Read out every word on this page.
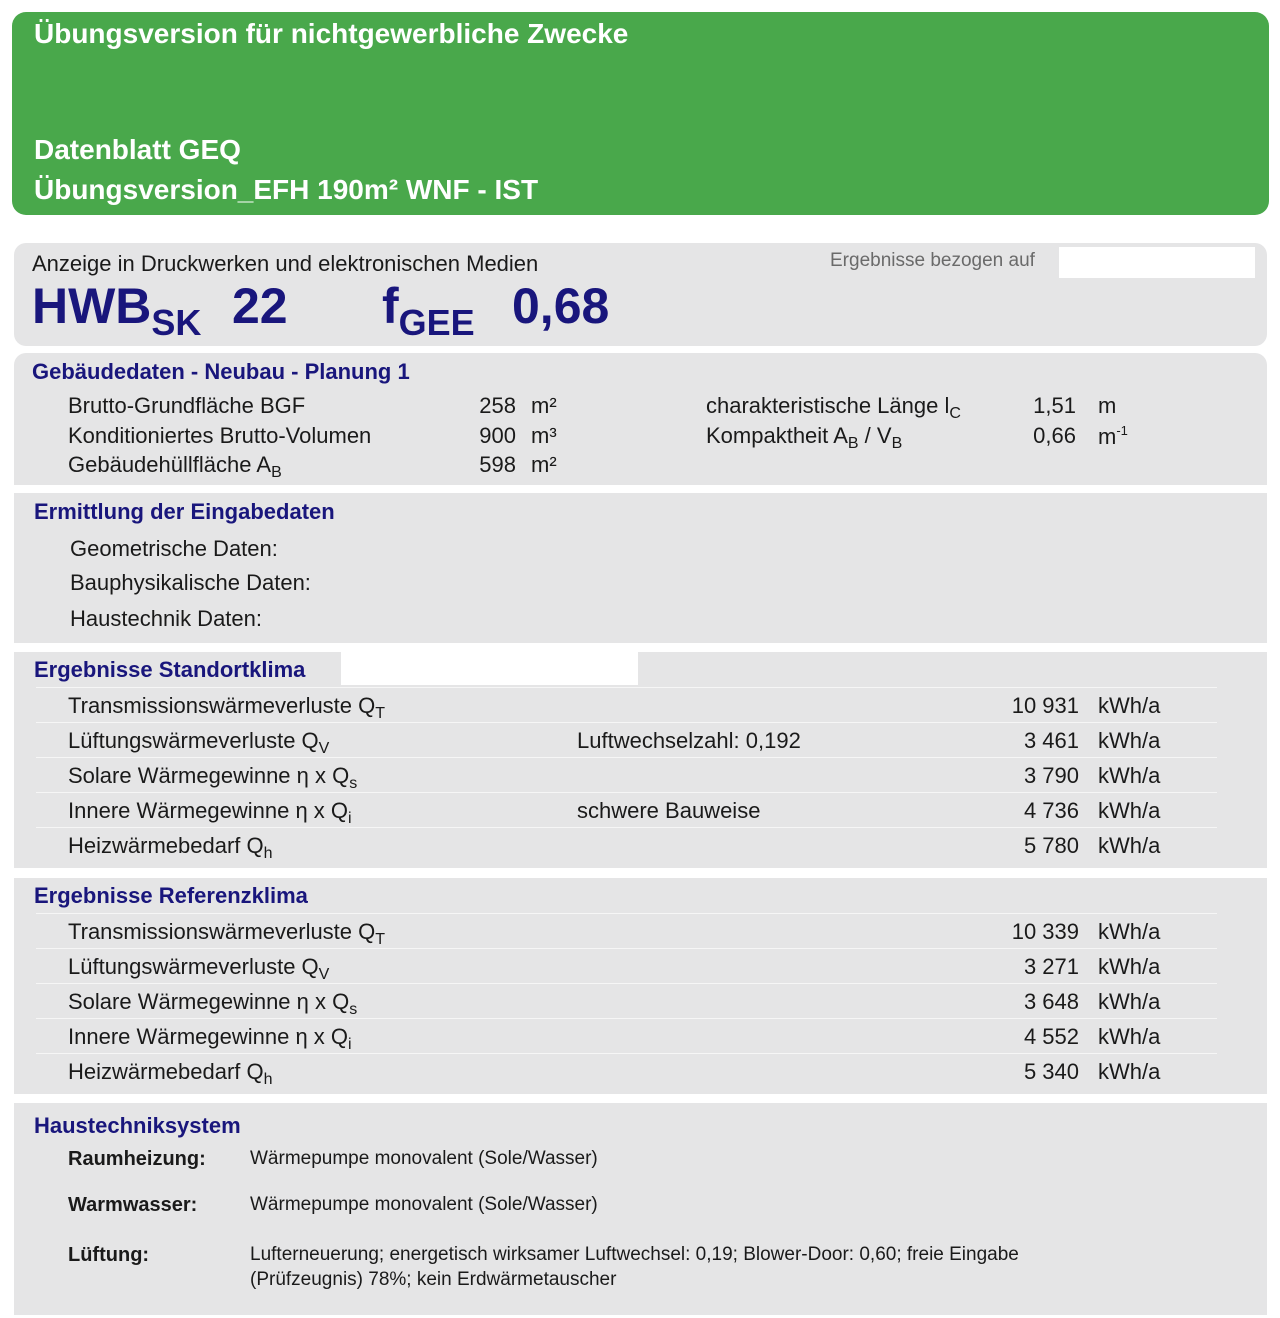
Übungsversion für nichtgewerbliche Zwecke
Datenblatt GEQ
Übungsversion_EFH 190m² WNF - IST
Anzeige in Druckwerken und elektronischen Medien	Ergebnisse bezogen auf
$HWB_{SK}$ 22 $f_{GEE}$ 0,68
Gebäudedaten - Neubau - Planung 1
Brutto-Grundfläche BGF	258 m²
Konditioniertes Brutto-Volumen	900 m³
Gebäudehüllfläche $A_B$	598 m²
charakteristische Länge $l_C$	1,51 m
Kompaktheit $A_B / V_B$	0,66 $m^{-1}$
Ermittlung der Eingabedaten
Geometrische Daten:
Bauphysikalische Daten:
Haustechnik Daten:
Ergebnisse Standortklima
Transmissionswärmeverluste $Q_T$	10 931 kWh/a
Lüftungswärmeverluste $Q_V$	Luftwechselzahl: 0,192	3 461 kWh/a
Solare Wärmegewinne η x $Q_s$	3 790 kWh/a
Innere Wärmegewinne η x $Q_i$	schwere Bauweise	4 736 kWh/a
Heizwärmebedarf $Q_h$	5 780 kWh/a
Ergebnisse Referenzklima
Transmissionswärmeverluste $Q_T$	10 339 kWh/a
Lüftungswärmeverluste $Q_V$	3 271 kWh/a
Solare Wärmegewinne η x $Q_s$	3 648 kWh/a
Innere Wärmegewinne η x $Q_i$	4 552 kWh/a
Heizwärmebedarf $Q_h$	5 340 kWh/a
Haustechniksystem
Raumheizung: Wärmepumpe monovalent (Sole/Wasser)
Warmwasser:	Wärmepumpe monovalent (Sole/Wasser)
Lüftung:	Lufterneuerung; energetisch wirksamer Luftwechsel: 0,19; Blower-Door: 0,60; freie Eingabe (Prüfzeugnis) 78%; kein Erdwärmetauscher
